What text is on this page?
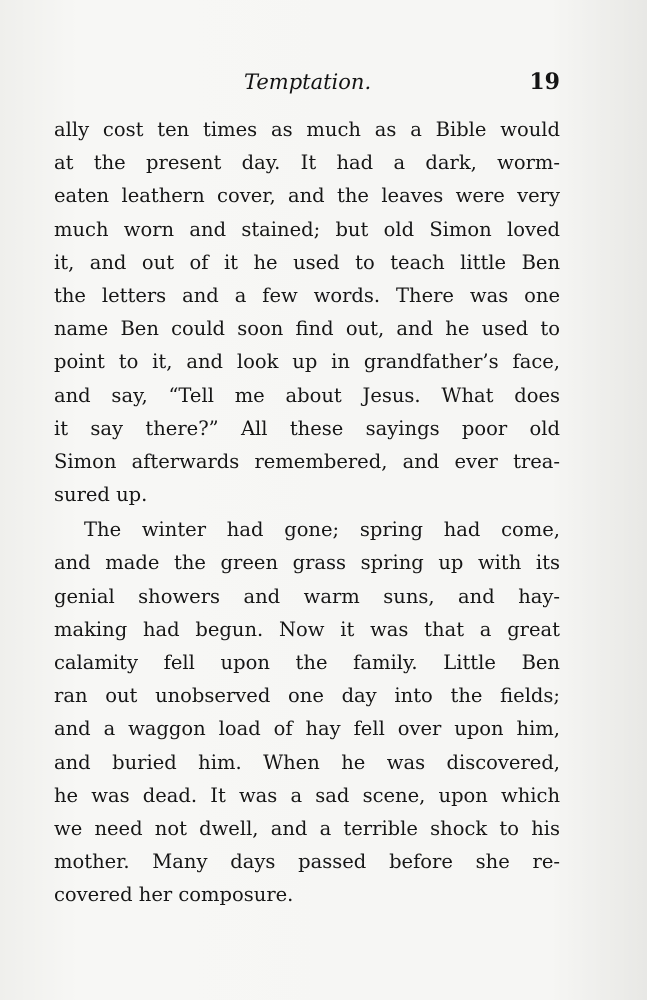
Temptation.	19
ally cost ten times as much as a Bible would
at the present day. It had a dark, worm-
eaten leathern cover, and the leaves were very
much worn and stained; but old Simon loved
it, and out of it he used to teach little Ben
the letters and a few words. There was one
name Ben could soon find out, and he used to
point to it, and look up in grandfather’s face,
and say, “Tell me about Jesus. What does
it say there?” All these sayings poor old
Simon afterwards remembered, and ever trea-
sured up.
The winter had gone; spring had come,
and made the green grass spring up with its
genial showers and warm suns, and hay-
making had begun. Now it was that a great
calamity fell upon the family. Little Ben
ran out unobserved one day into the fields;
and a waggon load of hay fell over upon him,
and buried him. When he was discovered,
he was dead. It was a sad scene, upon which
we need not dwell, and a terrible shock to his
mother. Many days passed before she re-
covered her composure.
